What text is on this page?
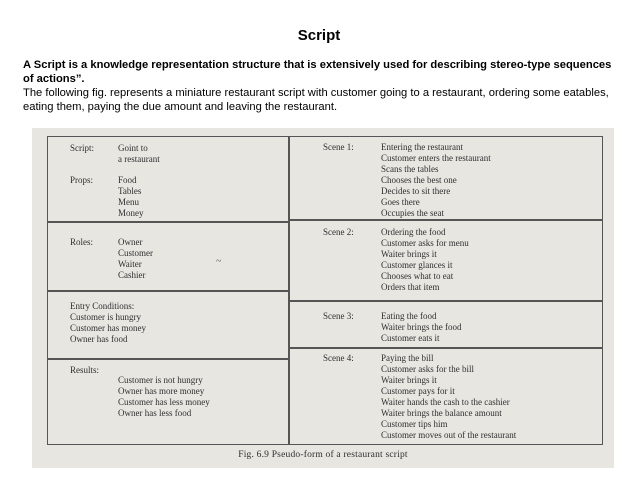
Script
A Script is a knowledge representation structure that is extensively used for describing stereo-type sequences of actions”.
The following fig. represents a miniature restaurant script with customer going to a restaurant, ordering some eatables, eating them, paying the due amount and leaving the restaurant.
Script:	Goint to
a restaurant
Props:	Food
Tables
Menu
Money
Roles:	Owner
Customer
Waiter
Cashier
~
Entry Conditions:
Customer is hungry
Customer has money
Owner has food
Results:
Customer is not hungry
Owner has more money
Customer has less money
Owner has less food
Scene 1:	Entering the restaurant
Customer enters the restaurant
Scans the tables
Chooses the best one
Decides to sit there
Goes there
Occupies the seat
Scene 2:	Ordering the food
Customer asks for menu
Waiter brings it
Customer glances it
Chooses what to eat
Orders that item
Scene 3:	Eating the food
Waiter brings the food
Customer eats it
Scene 4:	Paying the bill
Customer asks for the bill
Waiter brings it
Customer pays for it
Waiter hands the cash to the cashier
Waiter brings the balance amount
Customer tips him
Customer moves out of the restaurant
Fig. 6.9 Pseudo-form of a restaurant script
